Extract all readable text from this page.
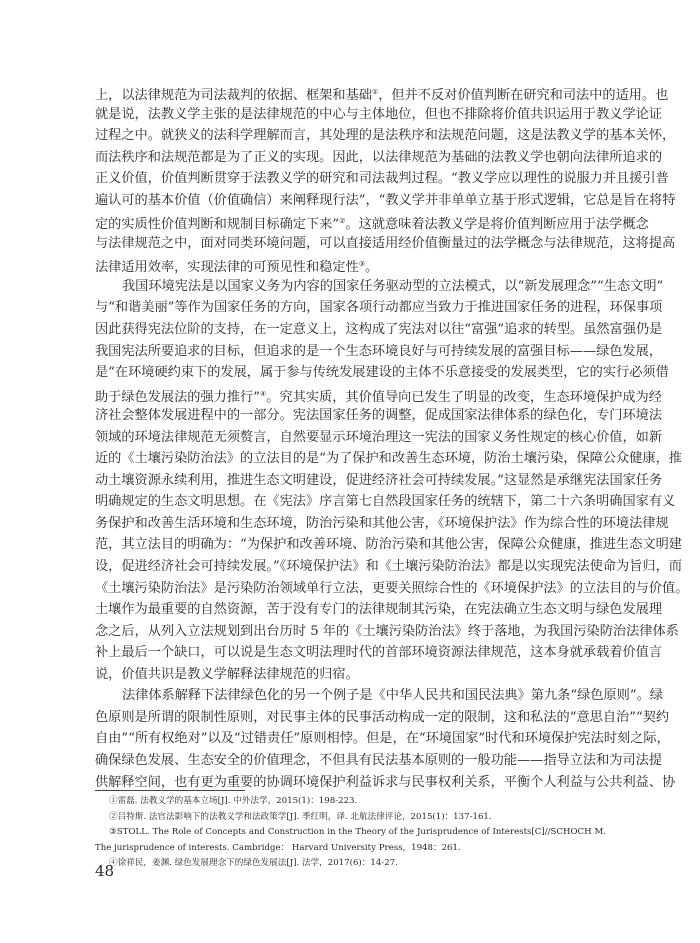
上，以法律规范为司法裁判的依据、框架和基础①，但并不反对价值判断在研究和司法中的适用。也
就是说，法教义学主张的是法律规范的中心与主体地位，但也不排除将价值共识运用于教义学论证
过程之中。就狭义的法科学理解而言，其处理的是法秩序和法规范问题，这是法教义学的基本关怀，
而法秩序和法规范都是为了正义的实现。因此，以法律规范为基础的法教义学也朝向法律所追求的
正义价值，价值判断贯穿于法教义学的研究和司法裁判过程。“教义学应以理性的说服力并且援引普
遍认可的基本价值（价值确信）来阐释现行法”，“教义学并非单单立基于形式逻辑，它总是旨在将特
定的实质性价值判断和规制目标确定下来”②。这就意味着法教义学是将价值判断应用于法学概念
与法律规范之中，面对同类环境问题，可以直接适用经价值衡量过的法学概念与法律规范，这将提高
法律适用效率，实现法律的可预见性和稳定性③。
我国环境宪法是以国家义务为内容的国家任务驱动型的立法模式，以“新发展理念”“生态文明”
与“和谐美丽”等作为国家任务的方向，国家各项行动都应当致力于推进国家任务的进程，环保事项
因此获得宪法位阶的支持，在一定意义上，这构成了宪法对以往“富强”追求的转型。虽然富强仍是
我国宪法所要追求的目标，但追求的是一个生态环境良好与可持续发展的富强目标——绿色发展，
是“在环境硬约束下的发展，属于参与传统发展建设的主体不乐意接受的发展类型，它的实行必须借
助于绿色发展法的强力推行”④。究其实质，其价值导向已发生了明显的改变，生态环境保护成为经
济社会整体发展进程中的一部分。宪法国家任务的调整，促成国家法律体系的绿色化，专门环境法
领域的环境法律规范无须赘言，自然要显示环境治理这一宪法的国家义务性规定的核心价值，如新
近的《土壤污染防治法》的立法目的是“为了保护和改善生态环境，防治土壤污染，保障公众健康，推
动土壤资源永续利用，推进生态文明建设，促进经济社会可持续发展。”这显然是承继宪法国家任务
明确规定的生态文明思想。在《宪法》序言第七自然段国家任务的统辖下，第二十六条明确国家有义
务保护和改善生活环境和生态环境，防治污染和其他公害，《环境保护法》作为综合性的环境法律规
范，其立法目的明确为：“为保护和改善环境、防治污染和其他公害，保障公众健康，推进生态文明建
设，促进经济社会可持续发展。”《环境保护法》和《土壤污染防治法》都是以实现宪法使命为旨归，而
《土壤污染防治法》是污染防治领域单行立法，更要关照综合性的《环境保护法》的立法目的与价值。
土壤作为最重要的自然资源，苦于没有专门的法律规制其污染，在宪法确立生态文明与绿色发展理
念之后，从列入立法规划到出台历时 5 年的《土壤污染防治法》终于落地，为我国污染防治法律体系
补上最后一个缺口，可以说是生态文明法理时代的首部环境资源法律规范，这本身就承载着价值言
说，价值共识是教义学解释法律规范的归宿。
法律体系解释下法律绿色化的另一个例子是《中华人民共和国民法典》第九条“绿色原则”。绿
色原则是所谓的限制性原则，对民事主体的民事活动构成一定的限制，这和私法的“意思自治”“契约
自由”“所有权绝对”以及“过错责任”原则相悖。但是，在“环境国家”时代和环境保护宪法时刻之际，
确保绿色发展、生态安全的价值理念，不但具有民法基本原则的一般功能——指导立法和为司法提
供解释空间，也有更为重要的协调环境保护利益诉求与民事权利关系，平衡个人利益与公共利益、协
①雷磊. 法教义学的基本立场[J]. 中外法学，2015(1)：198-223.
②吕特斯. 法官法影响下的法教义学和法政策学[J]. 季红明，译. 北航法律评论，2015(1)：137-161.
③STOLL. The Role of Concepts and Construction in the Theory of the Jurisprudence of Interests[C]//SCHOCH M. The jurisprudence of interests. Cambridge： Harvard University Press，1948：261.
④徐祥民，姜渊. 绿色发展理念下的绿色发展法[J]. 法学，2017(6)：14-27.
48
